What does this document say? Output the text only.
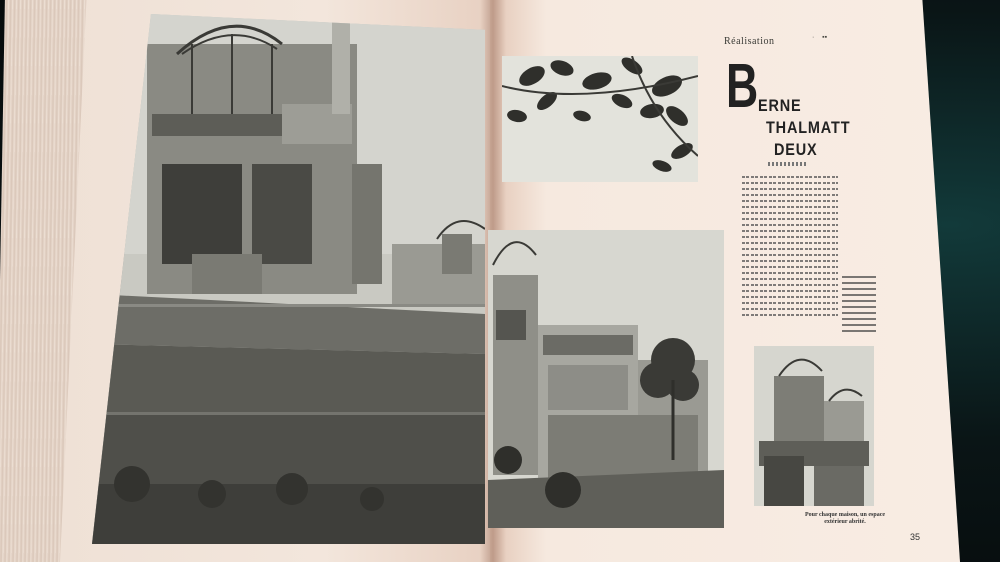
Réalisation	·    ▪▪
B ERNE
THALMATT
DEUX
Pour chaque maison, un espace extérieur abrité.
35
